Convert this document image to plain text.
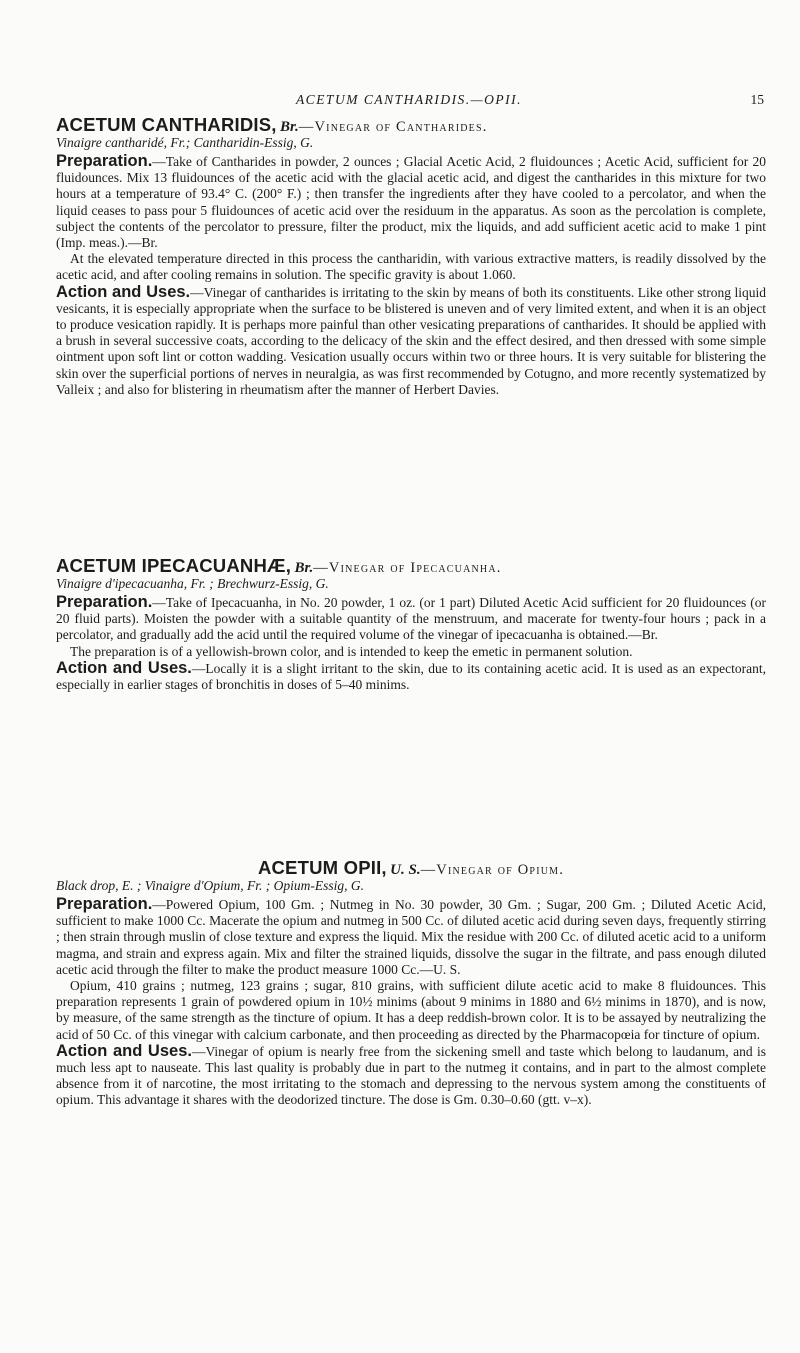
ACETUM CANTHARIDIS.—OPII.	15

ACETUM CANTHARIDIS, Br.—Vinegar of Cantharides.

Vinaigre cantharidé, Fr.; Cantharidin-Essig, G.

Preparation.—Take of Cantharides in powder, 2 ounces ; Glacial Acetic Acid, 2 fluidounces ; Acetic Acid, sufficient for 20 fluidounces. Mix 13 fluidounces of the acetic acid with the glacial acetic acid, and digest the cantharides in this mixture for two hours at a temperature of 93.4° C. (200° F.) ; then transfer the ingredients after they have cooled to a percolator, and when the liquid ceases to pass pour 5 fluidounces of acetic acid over the residuum in the apparatus. As soon as the percolation is complete, subject the contents of the percolator to pressure, filter the product, mix the liquids, and add sufficient acetic acid to make 1 pint (Imp. meas.).—Br.

At the elevated temperature directed in this process the cantharidin, with various extractive matters, is readily dissolved by the acetic acid, and after cooling remains in solution. The specific gravity is about 1.060.

Action and Uses.—Vinegar of cantharides is irritating to the skin by means of both its constituents. Like other strong liquid vesicants, it is especially appropriate when the surface to be blistered is uneven and of very limited extent, and when it is an object to produce vesication rapidly. It is perhaps more painful than other vesicating preparations of cantharides. It should be applied with a brush in several successive coats, according to the delicacy of the skin and the effect desired, and then dressed with some simple ointment upon soft lint or cotton wadding. Vesication usually occurs within two or three hours. It is very suitable for blistering the skin over the superficial portions of nerves in neuralgia, as was first recommended by Cotugno, and more recently systematized by Valleix ; and also for blistering in rheumatism after the manner of Herbert Davies.

ACETUM IPECACUANHÆ, Br.—Vinegar of Ipecacuanha.

Vinaigre d'ipecacuanha, Fr. ; Brechwurz-Essig, G.

Preparation.—Take of Ipecacuanha, in No. 20 powder, 1 oz. (or 1 part) Diluted Acetic Acid sufficient for 20 fluidounces (or 20 fluid parts). Moisten the powder with a suitable quantity of the menstruum, and macerate for twenty-four hours ; pack in a percolator, and gradually add the acid until the required volume of the vinegar of ipecacuanha is obtained.—Br.

The preparation is of a yellowish-brown color, and is intended to keep the emetic in permanent solution.

Action and Uses.—Locally it is a slight irritant to the skin, due to its containing acetic acid. It is used as an expectorant, especially in earlier stages of bronchitis in doses of 5–40 minims.

ACETUM OPII, U. S.—Vinegar of Opium.

Black drop, E. ; Vinaigre d'Opium, Fr. ; Opium-Essig, G.

Preparation.—Powered Opium, 100 Gm. ; Nutmeg in No. 30 powder, 30 Gm. ; Sugar, 200 Gm. ; Diluted Acetic Acid, sufficient to make 1000 Cc. Macerate the opium and nutmeg in 500 Cc. of diluted acetic acid during seven days, frequently stirring ; then strain through muslin of close texture and express the liquid. Mix the residue with 200 Cc. of diluted acetic acid to a uniform magma, and strain and express again. Mix and filter the strained liquids, dissolve the sugar in the filtrate, and pass enough diluted acetic acid through the filter to make the product measure 1000 Cc.—U. S.

Opium, 410 grains ; nutmeg, 123 grains ; sugar, 810 grains, with sufficient dilute acetic acid to make 8 fluidounces. This preparation represents 1 grain of powdered opium in 10½ minims (about 9 minims in 1880 and 6½ minims in 1870), and is now, by measure, of the same strength as the tincture of opium. It has a deep reddish-brown color. It is to be assayed by neutralizing the acid of 50 Cc. of this vinegar with calcium carbonate, and then proceeding as directed by the Pharmacopœia for tincture of opium.

Action and Uses.—Vinegar of opium is nearly free from the sickening smell and taste which belong to laudanum, and is much less apt to nauseate. This last quality is probably due in part to the nutmeg it contains, and in part to the almost complete absence from it of narcotine, the most irritating to the stomach and depressing to the nervous system among the constituents of opium. This advantage it shares with the deodorized tincture. The dose is Gm. 0.30–0.60 (gtt. v–x).
